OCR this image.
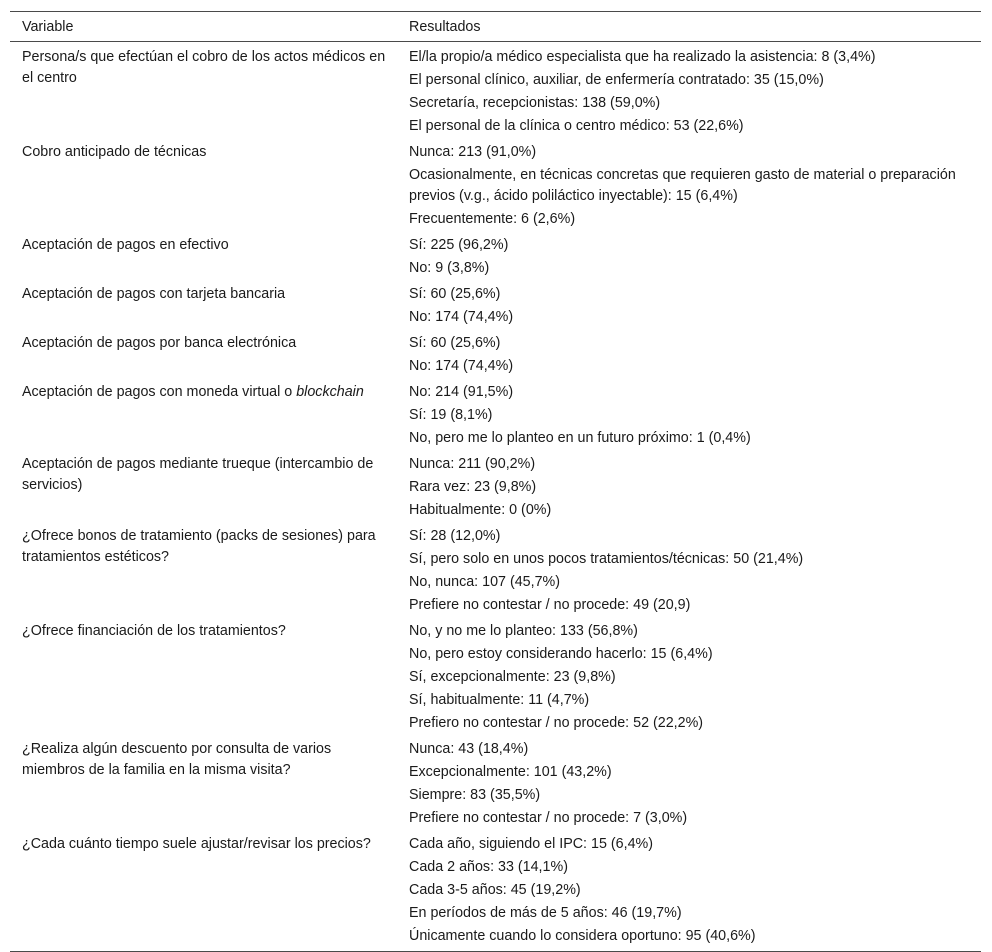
Variable	Resultados
Persona/s que efectúan el cobro de los actos médicos en el centro	El/la propio/a médico especialista que ha realizado la asistencia: 8 (3,4%)
El personal clínico, auxiliar, de enfermería contratado: 35 (15,0%)
Secretaría, recepcionistas: 138 (59,0%)
El personal de la clínica o centro médico: 53 (22,6%)

Cobro anticipado de técnicas	Nunca: 213 (91,0%)
Ocasionalmente, en técnicas concretas que requieren gasto de material o preparación previos (v.g., ácido poliláctico inyectable): 15 (6,4%)
Frecuentemente: 6 (2,6%)

Aceptación de pagos en efectivo	Sí: 225 (96,2%)
No: 9 (3,8%)

Aceptación de pagos con tarjeta bancaria	Sí: 60 (25,6%)
No: 174 (74,4%)

Aceptación de pagos por banca electrónica	Sí: 60 (25,6%)
No: 174 (74,4%)

Aceptación de pagos con moneda virtual o blockchain	No: 214 (91,5%)
Sí: 19 (8,1%)
No, pero me lo planteo en un futuro próximo: 1 (0,4%)

Aceptación de pagos mediante trueque (intercambio de servicios)	Nunca: 211 (90,2%)
Rara vez: 23 (9,8%)
Habitualmente: 0 (0%)

¿Ofrece bonos de tratamiento (packs de sesiones) para tratamientos estéticos?	Sí: 28 (12,0%)
Sí, pero solo en unos pocos tratamientos/técnicas: 50 (21,4%)
No, nunca: 107 (45,7%)
Prefiere no contestar / no procede: 49 (20,9)

¿Ofrece financiación de los tratamientos?	No, y no me lo planteo: 133 (56,8%)
No, pero estoy considerando hacerlo: 15 (6,4%)
Sí, excepcionalmente: 23 (9,8%)
Sí, habitualmente: 11 (4,7%)
Prefiero no contestar / no procede: 52 (22,2%)

¿Realiza algún descuento por consulta de varios miembros de la familia en la misma visita?	Nunca: 43 (18,4%)
Excepcionalmente: 101 (43,2%)
Siempre: 83 (35,5%)
Prefiere no contestar / no procede: 7 (3,0%)

¿Cada cuánto tiempo suele ajustar/revisar los precios?	Cada año, siguiendo el IPC: 15 (6,4%)
Cada 2 años: 33 (14,1%)
Cada 3-5 años: 45 (19,2%)
En períodos de más de 5 años: 46 (19,7%)
Únicamente cuando lo considera oportuno: 95 (40,6%)
